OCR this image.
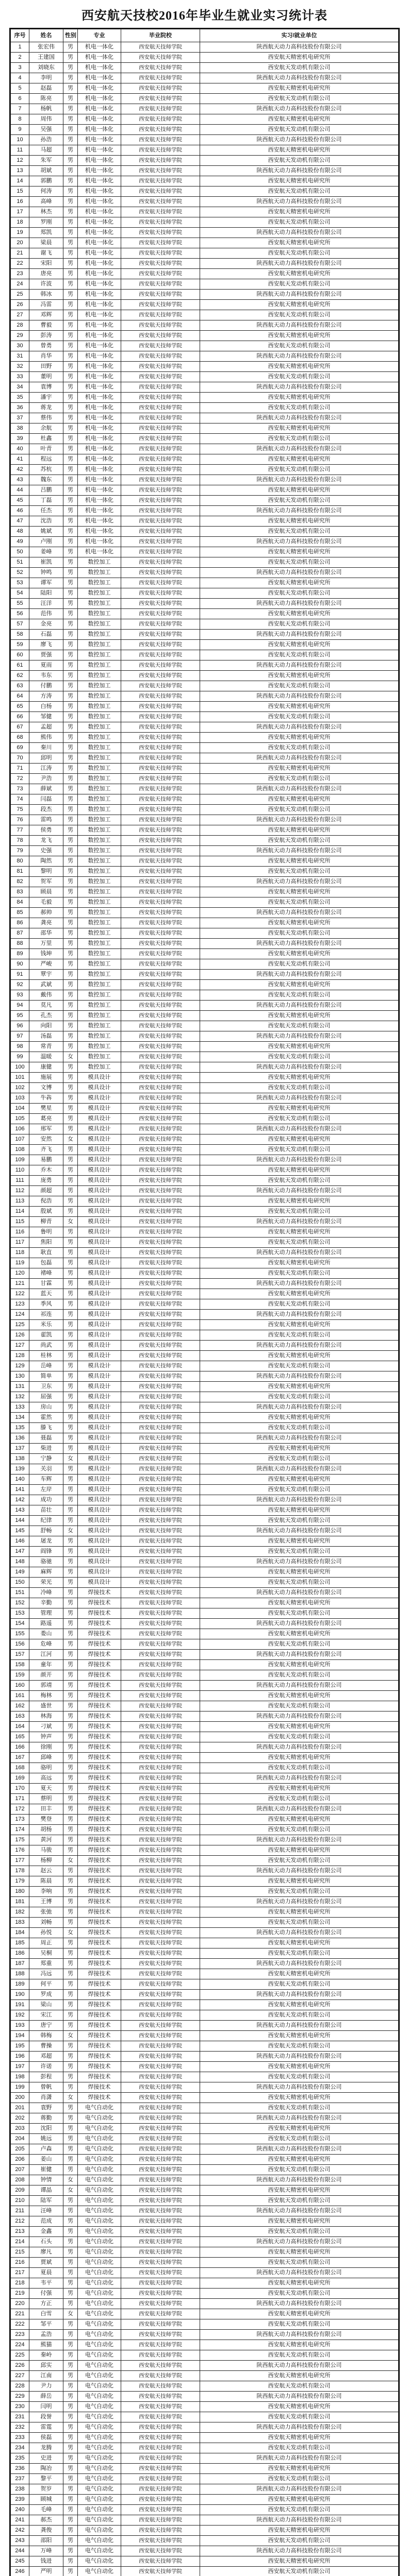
西安航天技校2016年毕业生就业实习统计表
序号	姓名	性别	专业	毕业院校	实习/就业单位
1	张宏伟	男	机电一体化	西安航天技师学院	陕西航天动力高科技股份有限公司
2	王建国	男	机电一体化	西安航天技师学院	西安航天精密机电研究所
3	刘晓东	男	机电一体化	西安航天技师学院	西安航天发动机有限公司
4	李明	男	机电一体化	西安航天技师学院	陕西航天动力高科技股份有限公司
5	赵磊	男	机电一体化	西安航天技师学院	西安航天精密机电研究所
6	陈亮	男	机电一体化	西安航天技师学院	西安航天发动机有限公司
7	杨帆	男	机电一体化	西安航天技师学院	陕西航天动力高科技股份有限公司
8	周伟	男	机电一体化	西安航天技师学院	西安航天精密机电研究所
9	吴强	男	机电一体化	西安航天技师学院	西安航天发动机有限公司
10	孙浩	男	机电一体化	西安航天技师学院	陕西航天动力高科技股份有限公司
11	马超	男	机电一体化	西安航天技师学院	西安航天精密机电研究所
12	朱军	男	机电一体化	西安航天技师学院	西安航天发动机有限公司
13	胡斌	男	机电一体化	西安航天技师学院	陕西航天动力高科技股份有限公司
14	郭鹏	男	机电一体化	西安航天技师学院	西安航天精密机电研究所
15	何涛	男	机电一体化	西安航天技师学院	西安航天发动机有限公司
16	高峰	男	机电一体化	西安航天技师学院	陕西航天动力高科技股份有限公司
17	林杰	男	机电一体化	西安航天技师学院	西安航天精密机电研究所
18	罗刚	男	机电一体化	西安航天技师学院	西安航天发动机有限公司
19	郑凯	男	机电一体化	西安航天技师学院	陕西航天动力高科技股份有限公司
20	梁晨	男	机电一体化	西安航天技师学院	西安航天精密机电研究所
21	谢飞	男	机电一体化	西安航天技师学院	西安航天发动机有限公司
22	宋阳	男	机电一体化	西安航天技师学院	陕西航天动力高科技股份有限公司
23	唐亮	男	机电一体化	西安航天技师学院	西安航天精密机电研究所
24	许波	男	机电一体化	西安航天技师学院	西安航天发动机有限公司
25	韩冰	男	机电一体化	西安航天技师学院	陕西航天动力高科技股份有限公司
26	冯雷	男	机电一体化	西安航天技师学院	西安航天精密机电研究所
27	邓辉	男	机电一体化	西安航天技师学院	西安航天发动机有限公司
28	曹毅	男	机电一体化	西安航天技师学院	陕西航天动力高科技股份有限公司
29	彭涛	男	机电一体化	西安航天技师学院	西安航天精密机电研究所
30	曾勇	男	机电一体化	西安航天技师学院	西安航天发动机有限公司
31	肖华	男	机电一体化	西安航天技师学院	陕西航天动力高科技股份有限公司
32	田野	男	机电一体化	西安航天技师学院	西安航天精密机电研究所
33	董明	男	机电一体化	西安航天技师学院	西安航天发动机有限公司
34	袁博	男	机电一体化	西安航天技师学院	陕西航天动力高科技股份有限公司
35	潘宇	男	机电一体化	西安航天技师学院	西安航天精密机电研究所
36	蒋龙	男	机电一体化	西安航天技师学院	西安航天发动机有限公司
37	蔡伟	男	机电一体化	西安航天技师学院	陕西航天动力高科技股份有限公司
38	余航	男	机电一体化	西安航天技师学院	西安航天精密机电研究所
39	杜鑫	男	机电一体化	西安航天技师学院	西安航天发动机有限公司
40	叶青	男	机电一体化	西安航天技师学院	陕西航天动力高科技股份有限公司
41	程远	男	机电一体化	西安航天技师学院	西安航天精密机电研究所
42	苏杭	男	机电一体化	西安航天技师学院	西安航天发动机有限公司
43	魏东	男	机电一体化	西安航天技师学院	陕西航天动力高科技股份有限公司
44	吕鹏	男	机电一体化	西安航天技师学院	西安航天精密机电研究所
45	丁磊	男	机电一体化	西安航天技师学院	西安航天发动机有限公司
46	任杰	男	机电一体化	西安航天技师学院	陕西航天动力高科技股份有限公司
47	沈浩	男	机电一体化	西安航天技师学院	西安航天精密机电研究所
48	姚斌	男	机电一体化	西安航天技师学院	西安航天发动机有限公司
49	卢刚	男	机电一体化	西安航天技师学院	陕西航天动力高科技股份有限公司
50	姜峰	男	机电一体化	西安航天技师学院	西安航天精密机电研究所
51	崔凯	男	数控加工	西安航天技师学院	西安航天发动机有限公司
52	钟鸣	男	数控加工	西安航天技师学院	陕西航天动力高科技股份有限公司
53	谭军	男	数控加工	西安航天技师学院	西安航天精密机电研究所
54	陆阳	男	数控加工	西安航天技师学院	西安航天发动机有限公司
55	汪洋	男	数控加工	西安航天技师学院	陕西航天动力高科技股份有限公司
56	范伟	男	数控加工	西安航天技师学院	西安航天精密机电研究所
57	金亮	男	数控加工	西安航天技师学院	西安航天发动机有限公司
58	石磊	男	数控加工	西安航天技师学院	陕西航天动力高科技股份有限公司
59	廖飞	男	数控加工	西安航天技师学院	西安航天精密机电研究所
60	贾强	男	数控加工	西安航天技师学院	西安航天发动机有限公司
61	夏雨	男	数控加工	西安航天技师学院	陕西航天动力高科技股份有限公司
62	韦东	男	数控加工	西安航天技师学院	西安航天精密机电研究所
63	付鹏	男	数控加工	西安航天技师学院	西安航天发动机有限公司
64	方涛	男	数控加工	西安航天技师学院	陕西航天动力高科技股份有限公司
65	白杨	男	数控加工	西安航天技师学院	西安航天精密机电研究所
66	邹健	男	数控加工	西安航天技师学院	西安航天发动机有限公司
67	孟超	男	数控加工	西安航天技师学院	陕西航天动力高科技股份有限公司
68	熊伟	男	数控加工	西安航天技师学院	西安航天精密机电研究所
69	秦川	男	数控加工	西安航天技师学院	西安航天发动机有限公司
70	邱明	男	数控加工	西安航天技师学院	陕西航天动力高科技股份有限公司
71	江涛	男	数控加工	西安航天技师学院	西安航天精密机电研究所
72	尹浩	男	数控加工	西安航天技师学院	西安航天发动机有限公司
73	薛斌	男	数控加工	西安航天技师学院	陕西航天动力高科技股份有限公司
74	闫磊	男	数控加工	西安航天技师学院	西安航天精密机电研究所
75	段杰	男	数控加工	西安航天技师学院	西安航天发动机有限公司
76	雷鸣	男	数控加工	西安航天技师学院	陕西航天动力高科技股份有限公司
77	侯勇	男	数控加工	西安航天技师学院	西安航天精密机电研究所
78	龙飞	男	数控加工	西安航天技师学院	西安航天发动机有限公司
79	史强	男	数控加工	西安航天技师学院	陕西航天动力高科技股份有限公司
80	陶然	男	数控加工	西安航天技师学院	西安航天精密机电研究所
81	黎明	男	数控加工	西安航天技师学院	西安航天发动机有限公司
82	贺军	男	数控加工	西安航天技师学院	陕西航天动力高科技股份有限公司
83	顾晨	男	数控加工	西安航天技师学院	西安航天精密机电研究所
84	毛毅	男	数控加工	西安航天技师学院	西安航天发动机有限公司
85	郝帅	男	数控加工	西安航天技师学院	陕西航天动力高科技股份有限公司
86	龚亮	男	数控加工	西安航天技师学院	西安航天精密机电研究所
87	邵华	男	数控加工	西安航天技师学院	西安航天发动机有限公司
88	万里	男	数控加工	西安航天技师学院	陕西航天动力高科技股份有限公司
89	钱坤	男	数控加工	西安航天技师学院	西安航天精密机电研究所
90	严峻	男	数控加工	西安航天技师学院	西安航天发动机有限公司
91	覃宇	男	数控加工	西安航天技师学院	陕西航天动力高科技股份有限公司
92	武斌	男	数控加工	西安航天技师学院	西安航天精密机电研究所
93	戴伟	男	数控加工	西安航天技师学院	西安航天发动机有限公司
94	莫凡	男	数控加工	西安航天技师学院	陕西航天动力高科技股份有限公司
95	孔杰	男	数控加工	西安航天技师学院	西安航天精密机电研究所
96	向阳	男	数控加工	西安航天技师学院	西安航天发动机有限公司
97	汤磊	男	数控加工	西安航天技师学院	陕西航天动力高科技股份有限公司
98	常青	男	数控加工	西安航天技师学院	西安航天精密机电研究所
99	温暖	女	数控加工	西安航天技师学院	西安航天发动机有限公司
100	康健	男	数控加工	西安航天技师学院	陕西航天动力高科技股份有限公司
101	施展	男	模具设计	西安航天技师学院	西安航天精密机电研究所
102	文博	男	模具设计	西安航天技师学院	西安航天发动机有限公司
103	牛犇	男	模具设计	西安航天技师学院	陕西航天动力高科技股份有限公司
104	樊星	男	模具设计	西安航天技师学院	西安航天精密机电研究所
105	葛亮	男	模具设计	西安航天技师学院	西安航天发动机有限公司
106	邢军	男	模具设计	西安航天技师学院	陕西航天动力高科技股份有限公司
107	安然	女	模具设计	西安航天技师学院	西安航天精密机电研究所
108	齐飞	男	模具设计	西安航天技师学院	西安航天发动机有限公司
109	易鹏	男	模具设计	西安航天技师学院	陕西航天动力高科技股份有限公司
110	乔木	男	模具设计	西安航天技师学院	西安航天精密机电研究所
111	庞勇	男	模具设计	西安航天技师学院	西安航天发动机有限公司
112	颜超	男	模具设计	西安航天技师学院	陕西航天动力高科技股份有限公司
113	倪浩	男	模具设计	西安航天技师学院	西安航天精密机电研究所
114	殷斌	男	模具设计	西安航天技师学院	西安航天发动机有限公司
115	柳青	女	模具设计	西安航天技师学院	陕西航天动力高科技股份有限公司
116	鲁明	男	模具设计	西安航天技师学院	西安航天精密机电研究所
117	焦阳	男	模具设计	西安航天技师学院	西安航天发动机有限公司
118	耿直	男	模具设计	西安航天技师学院	陕西航天动力高科技股份有限公司
119	包磊	男	模具设计	西安航天技师学院	西安航天精密机电研究所
120	褚峰	男	模具设计	西安航天技师学院	西安航天发动机有限公司
121	甘霖	男	模具设计	西安航天技师学院	陕西航天动力高科技股份有限公司
122	蓝天	男	模具设计	西安航天技师学院	西安航天精密机电研究所
123	季风	男	模具设计	西安航天技师学院	西安航天发动机有限公司
124	祁连	男	模具设计	西安航天技师学院	陕西航天动力高科技股份有限公司
125	米乐	男	模具设计	西安航天技师学院	西安航天精密机电研究所
126	翟凯	男	模具设计	西安航天技师学院	西安航天发动机有限公司
127	尚武	男	模具设计	西安航天技师学院	陕西航天动力高科技股份有限公司
128	桂林	男	模具设计	西安航天技师学院	西安航天精密机电研究所
129	岳峰	男	模具设计	西安航天技师学院	西安航天发动机有限公司
130	简单	男	模具设计	西安航天技师学院	陕西航天动力高科技股份有限公司
131	卫东	男	模具设计	西安航天技师学院	西安航天精密机电研究所
132	屈强	男	模具设计	西安航天技师学院	西安航天发动机有限公司
133	房山	男	模具设计	西安航天技师学院	陕西航天动力高科技股份有限公司
134	霍然	男	模具设计	西安航天技师学院	西安航天精密机电研究所
135	滕飞	男	模具设计	西安航天技师学院	西安航天发动机有限公司
136	聂磊	男	模具设计	西安航天技师学院	陕西航天动力高科技股份有限公司
137	柴进	男	模具设计	西安航天技师学院	西安航天精密机电研究所
138	宁静	女	模具设计	西安航天技师学院	西安航天发动机有限公司
139	关羽	男	模具设计	西安航天技师学院	陕西航天动力高科技股份有限公司
140	车辉	男	模具设计	西安航天技师学院	西安航天精密机电研究所
141	左岸	男	模具设计	西安航天技师学院	西安航天发动机有限公司
142	成功	男	模具设计	西安航天技师学院	陕西航天动力高科技股份有限公司
143	苗壮	男	模具设计	西安航天技师学院	西安航天精密机电研究所
144	纪律	男	模具设计	西安航天技师学院	西安航天发动机有限公司
145	舒畅	女	模具设计	西安航天技师学院	陕西航天动力高科技股份有限公司
146	屠龙	男	模具设计	西安航天技师学院	西安航天精密机电研究所
147	阎锋	男	模具设计	西安航天技师学院	西安航天发动机有限公司
148	骆驰	男	模具设计	西安航天技师学院	陕西航天动力高科技股份有限公司
149	麻辉	男	模具设计	西安航天技师学院	西安航天精密机电研究所
150	荣光	男	模具设计	西安航天技师学院	西安航天发动机有限公司
151	冷峰	男	焊接技术	西安航天技师学院	陕西航天动力高科技股份有限公司
152	辛勤	男	焊接技术	西安航天技师学院	西安航天精密机电研究所
153	管理	男	焊接技术	西安航天技师学院	西安航天发动机有限公司
154	路遥	男	焊接技术	西安航天技师学院	陕西航天动力高科技股份有限公司
155	娄山	男	焊接技术	西安航天技师学院	西安航天精密机电研究所
156	危峰	男	焊接技术	西安航天技师学院	西安航天发动机有限公司
157	江河	男	焊接技术	西安航天技师学院	陕西航天动力高科技股份有限公司
158	童年	男	焊接技术	西安航天技师学院	西安航天精密机电研究所
159	颜开	男	焊接技术	西安航天技师学院	西安航天发动机有限公司
160	郭靖	男	焊接技术	西安航天技师学院	陕西航天动力高科技股份有限公司
161	梅林	男	焊接技术	西安航天技师学院	西安航天精密机电研究所
162	盛世	男	焊接技术	西安航天技师学院	西安航天发动机有限公司
163	林海	男	焊接技术	西安航天技师学院	陕西航天动力高科技股份有限公司
164	刁斌	男	焊接技术	西安航天技师学院	西安航天精密机电研究所
165	钟声	男	焊接技术	西安航天技师学院	西安航天发动机有限公司
166	徐刚	男	焊接技术	西安航天技师学院	陕西航天动力高科技股份有限公司
167	邱峰	男	焊接技术	西安航天技师学院	西安航天精密机电研究所
168	骆明	男	焊接技术	西安航天技师学院	西安航天发动机有限公司
169	高远	男	焊接技术	西安航天技师学院	陕西航天动力高科技股份有限公司
170	夏天	男	焊接技术	西安航天技师学院	西安航天精密机电研究所
171	蔡明	男	焊接技术	西安航天技师学院	西安航天发动机有限公司
172	田丰	男	焊接技术	西安航天技师学院	陕西航天动力高科技股份有限公司
173	樊登	男	焊接技术	西安航天技师学院	西安航天精密机电研究所
174	胡杨	男	焊接技术	西安航天技师学院	西安航天发动机有限公司
175	黄河	男	焊接技术	西安航天技师学院	陕西航天动力高科技股份有限公司
176	马骏	男	焊接技术	西安航天技师学院	西安航天精密机电研究所
177	杨柳	女	焊接技术	西安航天技师学院	西安航天发动机有限公司
178	赵云	男	焊接技术	西安航天技师学院	陕西航天动力高科技股份有限公司
179	陈晨	男	焊接技术	西安航天技师学院	西安航天精密机电研究所
180	李响	男	焊接技术	西安航天技师学院	西安航天发动机有限公司
181	王博	男	焊接技术	西安航天技师学院	陕西航天动力高科技股份有限公司
182	张弛	男	焊接技术	西安航天技师学院	西安航天精密机电研究所
183	刘畅	男	焊接技术	西安航天技师学院	西安航天发动机有限公司
184	孙悦	女	焊接技术	西安航天技师学院	陕西航天动力高科技股份有限公司
185	周正	男	焊接技术	西安航天技师学院	西安航天精密机电研究所
186	吴桐	男	焊接技术	西安航天技师学院	西安航天发动机有限公司
187	郑重	男	焊接技术	西安航天技师学院	陕西航天动力高科技股份有限公司
188	冯远	男	焊接技术	西安航天技师学院	西安航天精密机电研究所
189	何平	男	焊接技术	西安航天技师学院	西安航天发动机有限公司
190	罗成	男	焊接技术	西安航天技师学院	陕西航天动力高科技股份有限公司
191	梁山	男	焊接技术	西安航天技师学院	西安航天精密机电研究所
192	宋江	男	焊接技术	西安航天技师学院	西安航天发动机有限公司
193	唐宁	男	焊接技术	西安航天技师学院	陕西航天动力高科技股份有限公司
194	韩梅	女	焊接技术	西安航天技师学院	西安航天精密机电研究所
195	曹操	男	焊接技术	西安航天技师学院	西安航天发动机有限公司
196	邓超	男	焊接技术	西安航天技师学院	陕西航天动力高科技股份有限公司
197	许诺	男	焊接技术	西安航天技师学院	西安航天精密机电研究所
198	彭程	男	焊接技术	西安航天技师学院	西安航天发动机有限公司
199	曾帆	男	焊接技术	西安航天技师学院	陕西航天动力高科技股份有限公司
200	肖潇	女	焊接技术	西安航天技师学院	西安航天精密机电研究所
201	袁野	男	电气自动化	西安航天技师学院	西安航天发动机有限公司
202	蒋勤	男	电气自动化	西安航天技师学院	陕西航天动力高科技股份有限公司
203	沈阳	男	电气自动化	西安航天技师学院	西安航天精密机电研究所
204	姚远	男	电气自动化	西安航天技师学院	西安航天发动机有限公司
205	卢森	男	电气自动化	西安航天技师学院	陕西航天动力高科技股份有限公司
206	姜山	男	电气自动化	西安航天技师学院	西安航天精密机电研究所
207	崔健	男	电气自动化	西安航天技师学院	西安航天发动机有限公司
208	钟情	女	电气自动化	西安航天技师学院	陕西航天动力高科技股份有限公司
209	谭晶	女	电气自动化	西安航天技师学院	西安航天精密机电研究所
210	陆军	男	电气自动化	西安航天技师学院	西安航天发动机有限公司
211	汪峰	男	电气自动化	西安航天技师学院	陕西航天动力高科技股份有限公司
212	范成	男	电气自动化	西安航天技师学院	西安航天精密机电研究所
213	金鑫	男	电气自动化	西安航天技师学院	西安航天发动机有限公司
214	石头	男	电气自动化	西安航天技师学院	陕西航天动力高科技股份有限公司
215	廖凡	男	电气自动化	西安航天技师学院	西安航天精密机电研究所
216	贾斌	男	电气自动化	西安航天技师学院	西安航天发动机有限公司
217	夏晨	男	电气自动化	西安航天技师学院	陕西航天动力高科技股份有限公司
218	韦平	男	电气自动化	西安航天技师学院	西安航天精密机电研究所
219	付强	男	电气自动化	西安航天技师学院	西安航天发动机有限公司
220	方正	男	电气自动化	西安航天技师学院	陕西航天动力高科技股份有限公司
221	白雪	女	电气自动化	西安航天技师学院	西安航天精密机电研究所
222	邹平	男	电气自动化	西安航天技师学院	西安航天发动机有限公司
223	孟浩	男	电气自动化	西安航天技师学院	陕西航天动力高科技股份有限公司
224	熊猫	男	电气自动化	西安航天技师学院	西安航天精密机电研究所
225	秦岭	男	电气自动化	西安航天技师学院	西安航天发动机有限公司
226	邱实	男	电气自动化	西安航天技师学院	陕西航天动力高科技股份有限公司
227	江南	男	电气自动化	西安航天技师学院	西安航天精密机电研究所
228	尹力	男	电气自动化	西安航天技师学院	西安航天发动机有限公司
229	薛岳	男	电气自动化	西安航天技师学院	陕西航天动力高科技股份有限公司
230	闫明	男	电气自动化	西安航天技师学院	西安航天精密机电研究所
231	段誉	男	电气自动化	西安航天技师学院	西安航天发动机有限公司
232	雷霆	男	电气自动化	西安航天技师学院	陕西航天动力高科技股份有限公司
233	侯磊	男	电气自动化	西安航天技师学院	西安航天精密机电研究所
234	龙腾	男	电气自动化	西安航天技师学院	西安航天发动机有限公司
235	史进	男	电气自动化	西安航天技师学院	陕西航天动力高科技股份有限公司
236	陶冶	男	电气自动化	西安航天技师学院	西安航天精密机电研究所
237	黎平	男	电气自动化	西安航天技师学院	西安航天发动机有限公司
238	贺岁	男	电气自动化	西安航天技师学院	陕西航天动力高科技股份有限公司
239	顾城	男	电气自动化	西安航天技师学院	西安航天精密机电研究所
240	毛峰	男	电气自动化	西安航天技师学院	西安航天发动机有限公司
241	郝杰	男	电气自动化	西安航天技师学院	陕西航天动力高科技股份有限公司
242	龚俊	男	电气自动化	西安航天技师学院	西安航天精密机电研究所
243	邵阳	男	电气自动化	西安航天技师学院	西安航天发动机有限公司
244	万峰	男	电气自动化	西安航天技师学院	陕西航天动力高科技股份有限公司
245	钱进	男	电气自动化	西安航天技师学院	西安航天精密机电研究所
246	严明	男	电气自动化	西安航天技师学院	西安航天发动机有限公司
